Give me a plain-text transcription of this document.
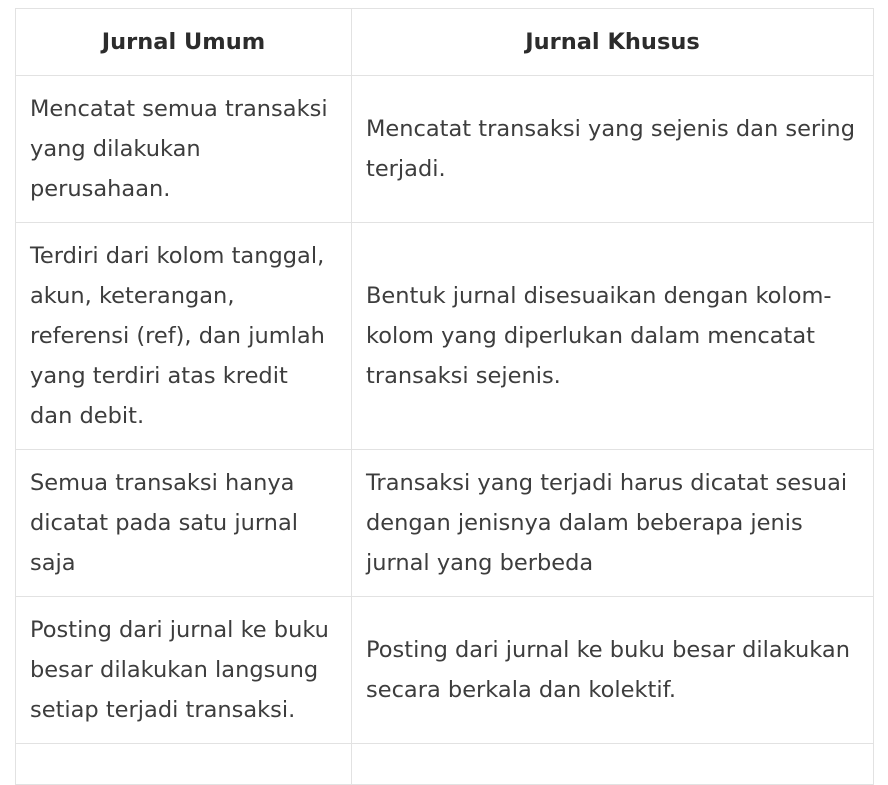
Jurnal Umum	Jurnal Khusus
Mencatat semua transaksi yang dilakukan perusahaan.	Mencatat transaksi yang sejenis dan sering terjadi.
Terdiri dari kolom tanggal, akun, keterangan, referensi (ref), dan jumlah yang terdiri atas kredit dan debit.	Bentuk jurnal disesuaikan dengan kolom-kolom yang diperlukan dalam mencatat transaksi sejenis.
Semua transaksi hanya dicatat pada satu jurnal saja	Transaksi yang terjadi harus dicatat sesuai dengan jenisnya dalam beberapa jenis jurnal yang berbeda
Posting dari jurnal ke buku besar dilakukan langsung setiap terjadi transaksi.	Posting dari jurnal ke buku besar dilakukan secara berkala dan kolektif.
